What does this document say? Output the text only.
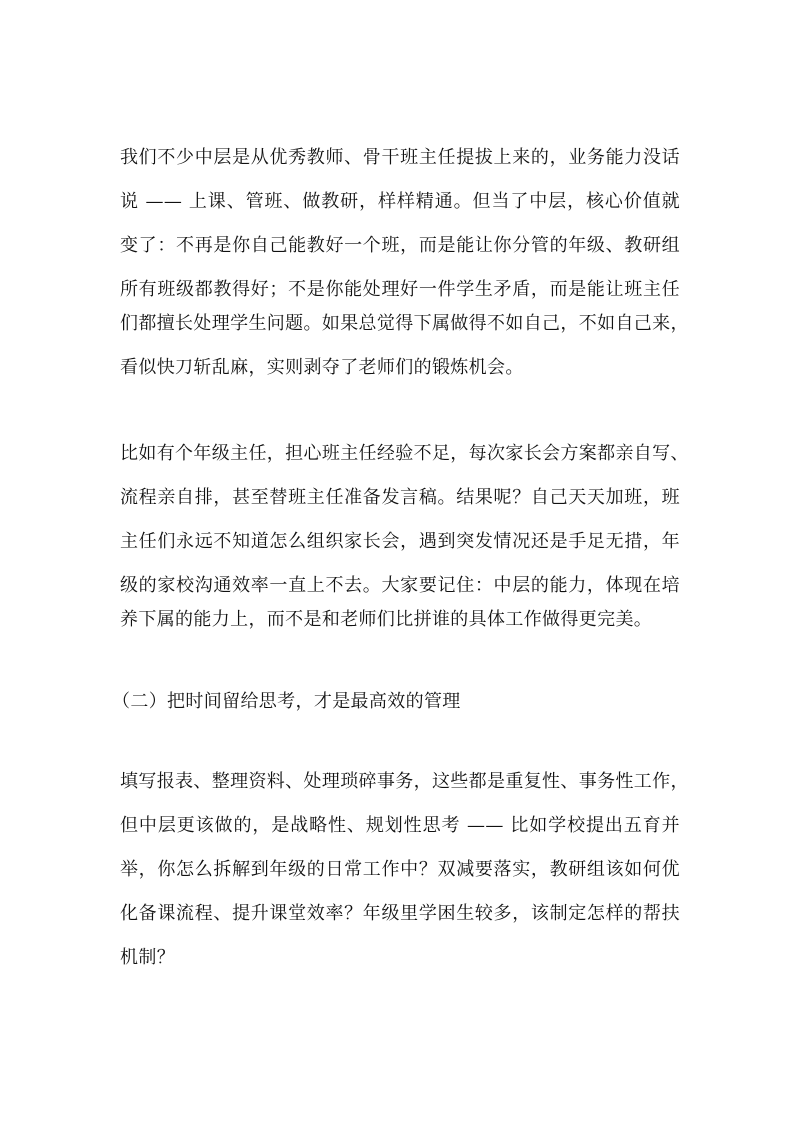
我们不少中层是从优秀教师、骨干班主任提拔上来的，业务能力没话
说 —— 上课、管班、做教研，样样精通。但当了中层，核心价值就
变了：不再是你自己能教好一个班，而是能让你分管的年级、教研组
所有班级都教得好；不是你能处理好一件学生矛盾，而是能让班主任
们都擅长处理学生问题。如果总觉得下属做得不如自己，不如自己来，
看似快刀斩乱麻，实则剥夺了老师们的锻炼机会。
比如有个年级主任，担心班主任经验不足，每次家长会方案都亲自写、
流程亲自排，甚至替班主任准备发言稿。结果呢？自己天天加班，班
主任们永远不知道怎么组织家长会，遇到突发情况还是手足无措，年
级的家校沟通效率一直上不去。大家要记住：中层的能力，体现在培
养下属的能力上，而不是和老师们比拼谁的具体工作做得更完美。
（二）把时间留给思考，才是最高效的管理
填写报表、整理资料、处理琐碎事务，这些都是重复性、事务性工作，
但中层更该做的，是战略性、规划性思考 —— 比如学校提出五育并
举，你怎么拆解到年级的日常工作中？双减要落实，教研组该如何优
化备课流程、提升课堂效率？年级里学困生较多，该制定怎样的帮扶
机制？
